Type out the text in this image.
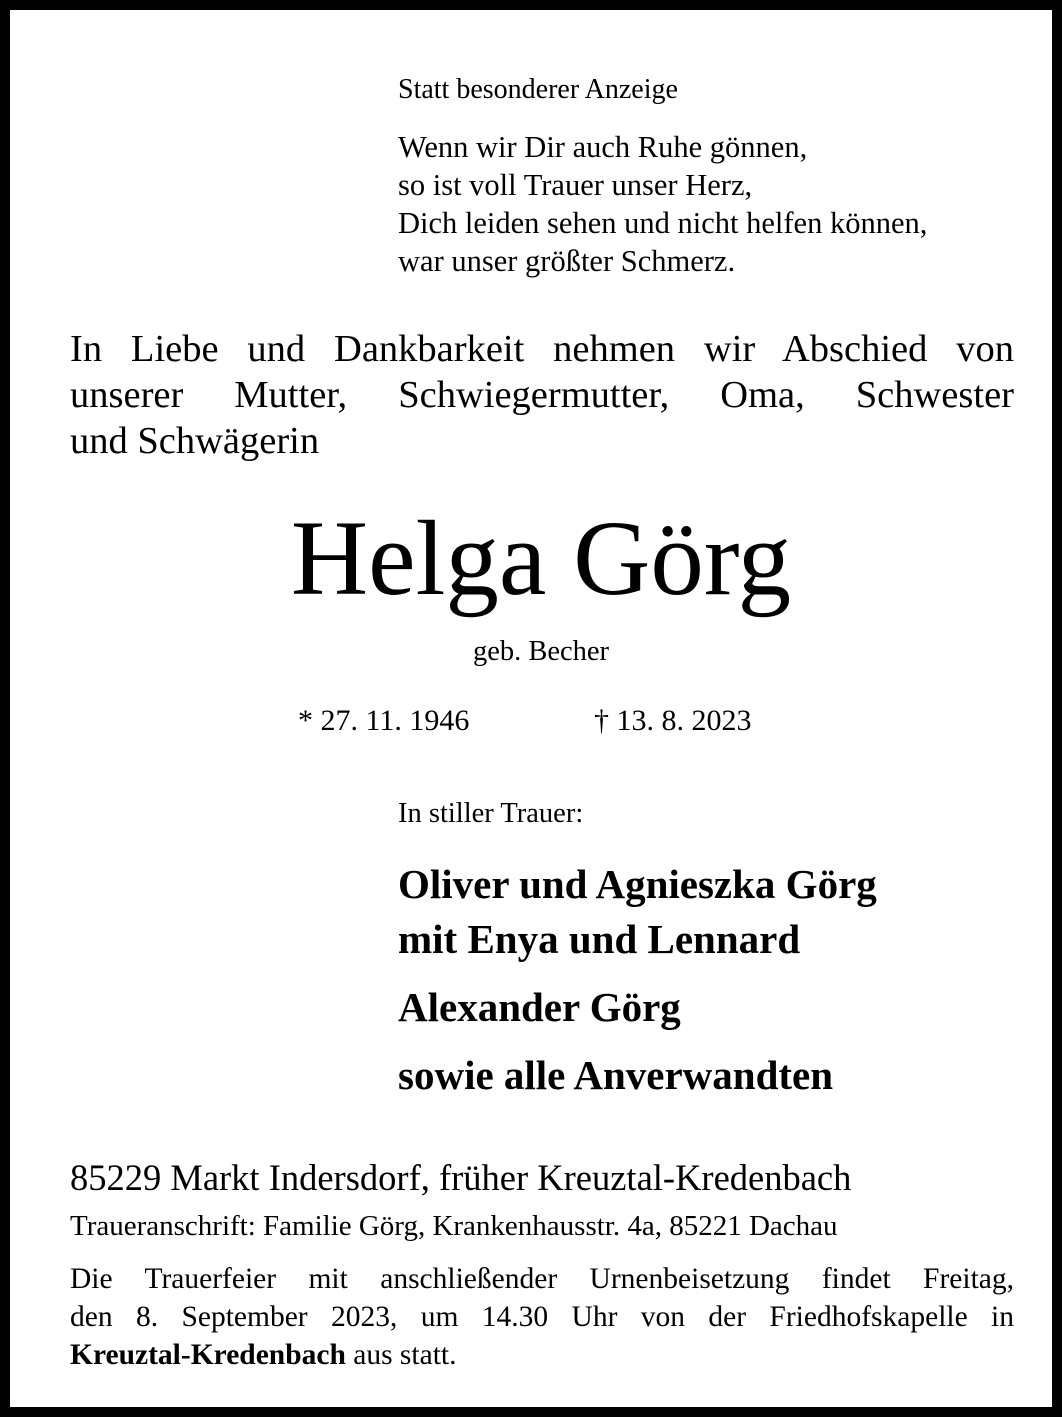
Statt besonderer Anzeige
Wenn wir Dir auch Ruhe gönnen,
so ist voll Trauer unser Herz,
Dich leiden sehen und nicht helfen können,
war unser größter Schmerz.
In Liebe und Dankbarkeit nehmen wir Abschied von
unserer Mutter, Schwiegermutter, Oma, Schwester
und Schwägerin
Helga Görg
geb. Becher
* 27. 11. 1946	† 13. 8. 2023
In stiller Trauer:
Oliver und Agnieszka Görg
mit Enya und Lennard
Alexander Görg
sowie alle Anverwandten
85229 Markt Indersdorf, früher Kreuztal-Kredenbach
Traueranschrift: Familie Görg, Krankenhausstr. 4a, 85221 Dachau
Die Trauerfeier mit anschließender Urnenbeisetzung findet Freitag,
den 8. September 2023, um 14.30 Uhr von der Friedhofskapelle in
Kreuztal-Kredenbach aus statt.
